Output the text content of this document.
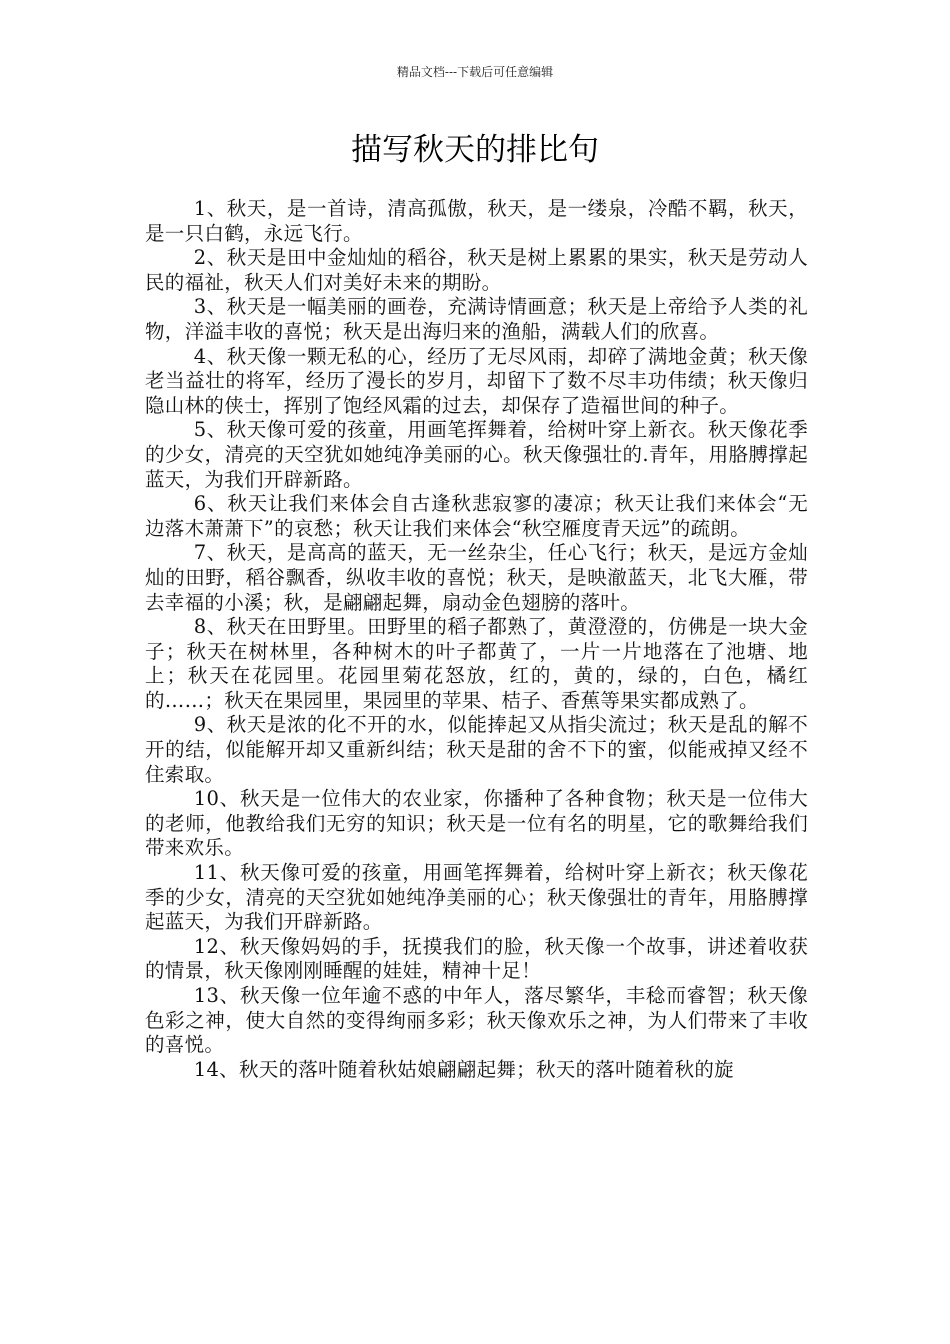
精品文档---下载后可任意编辑
描写秋天的排比句

1、秋天，是一首诗，清高孤傲，秋天，是一缕泉，冷酷不羁，秋天，是一只白鹤，永远飞行。

2、秋天是田中金灿灿的稻谷，秋天是树上累累的果实，秋天是劳动人民的福祉，秋天人们对美好未来的期盼。

3、秋天是一幅美丽的画卷，充满诗情画意；秋天是上帝给予人类的礼物，洋溢丰收的喜悦；秋天是出海归来的渔船，满载人们的欣喜。

4、秋天像一颗无私的心，经历了无尽风雨，却碎了满地金黄；秋天像老当益壮的将军，经历了漫长的岁月，却留下了数不尽丰功伟绩；秋天像归隐山林的侠士，挥别了饱经风霜的过去，却保存了造福世间的种子。

5、秋天像可爱的孩童，用画笔挥舞着，给树叶穿上新衣。秋天像花季的少女，清亮的天空犹如她纯净美丽的心。秋天像强壮的.青年，用胳膊撑起蓝天，为我们开辟新路。

6、秋天让我们来体会自古逢秋悲寂寥的凄凉；秋天让我们来体会“无边落木萧萧下”的哀愁；秋天让我们来体会“秋空雁度青天远”的疏朗。

7、秋天，是高高的蓝天，无一丝杂尘，任心飞行；秋天，是远方金灿灿的田野，稻谷飘香，纵收丰收的喜悦；秋天，是映澈蓝天，北飞大雁，带去幸福的小溪；秋，是翩翩起舞，扇动金色翅膀的落叶。

8、秋天在田野里。田野里的稻子都熟了，黄澄澄的，仿佛是一块大金子；秋天在树林里，各种树木的叶子都黄了，一片一片地落在了池塘、地上；秋天在花园里。花园里菊花怒放，红的，黄的，绿的，白色，橘红的……；秋天在果园里，果园里的苹果、桔子、香蕉等果实都成熟了。

9、秋天是浓的化不开的水，似能捧起又从指尖流过；秋天是乱的解不开的结，似能解开却又重新纠结；秋天是甜的舍不下的蜜，似能戒掉又经不住索取。

10、秋天是一位伟大的农业家，你播种了各种食物；秋天是一位伟大的老师，他教给我们无穷的知识；秋天是一位有名的明星，它的歌舞给我们带来欢乐。

11、秋天像可爱的孩童，用画笔挥舞着，给树叶穿上新衣；秋天像花季的少女，清亮的天空犹如她纯净美丽的心；秋天像强壮的青年，用胳膊撑起蓝天，为我们开辟新路。

12、秋天像妈妈的手，抚摸我们的脸，秋天像一个故事，讲述着收获的情景，秋天像刚刚睡醒的娃娃，精神十足！

13、秋天像一位年逾不惑的中年人，落尽繁华，丰稔而睿智；秋天像色彩之神，使大自然的变得绚丽多彩；秋天像欢乐之神，为人们带来了丰收的喜悦。

14、秋天的落叶随着秋姑娘翩翩起舞；秋天的落叶随着秋的旋
